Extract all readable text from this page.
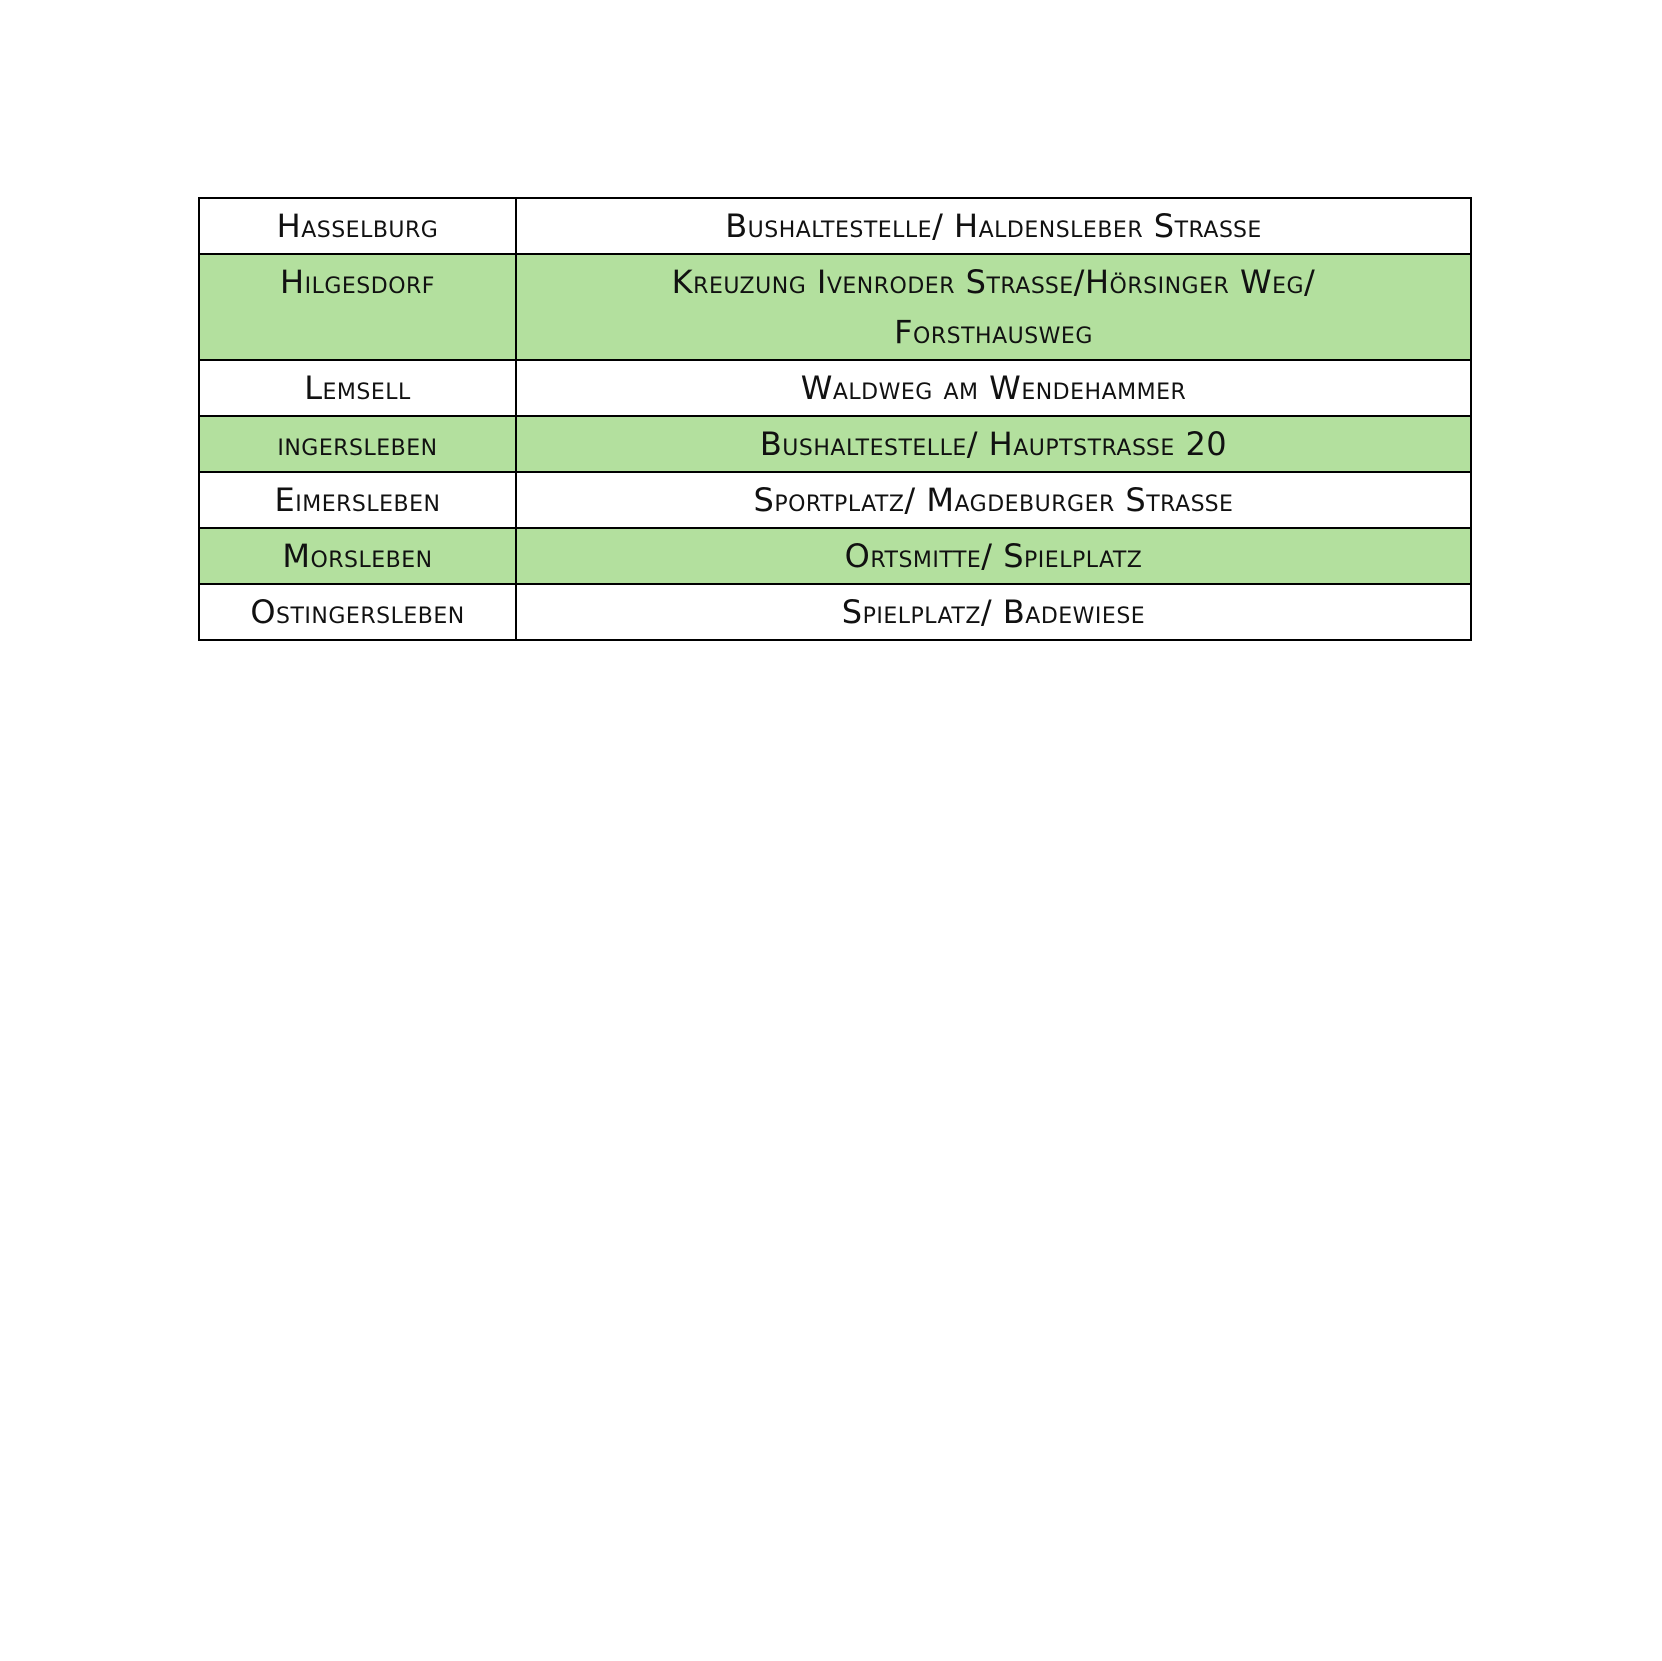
Hasselburg	Bushaltestelle/ Haldensleber Straße
Hilgesdorf	Kreuzung Ivenroder Straße/Hörsinger Weg/ Forsthausweg
Lemsell	Waldweg am Wendehammer
ingersleben	Bushaltestelle/ Hauptstraße 20
Eimersleben	Sportplatz/ Magdeburger Straße
Morsleben	Ortsmitte/ Spielplatz
Ostingersleben	Spielplatz/ Badewiese
